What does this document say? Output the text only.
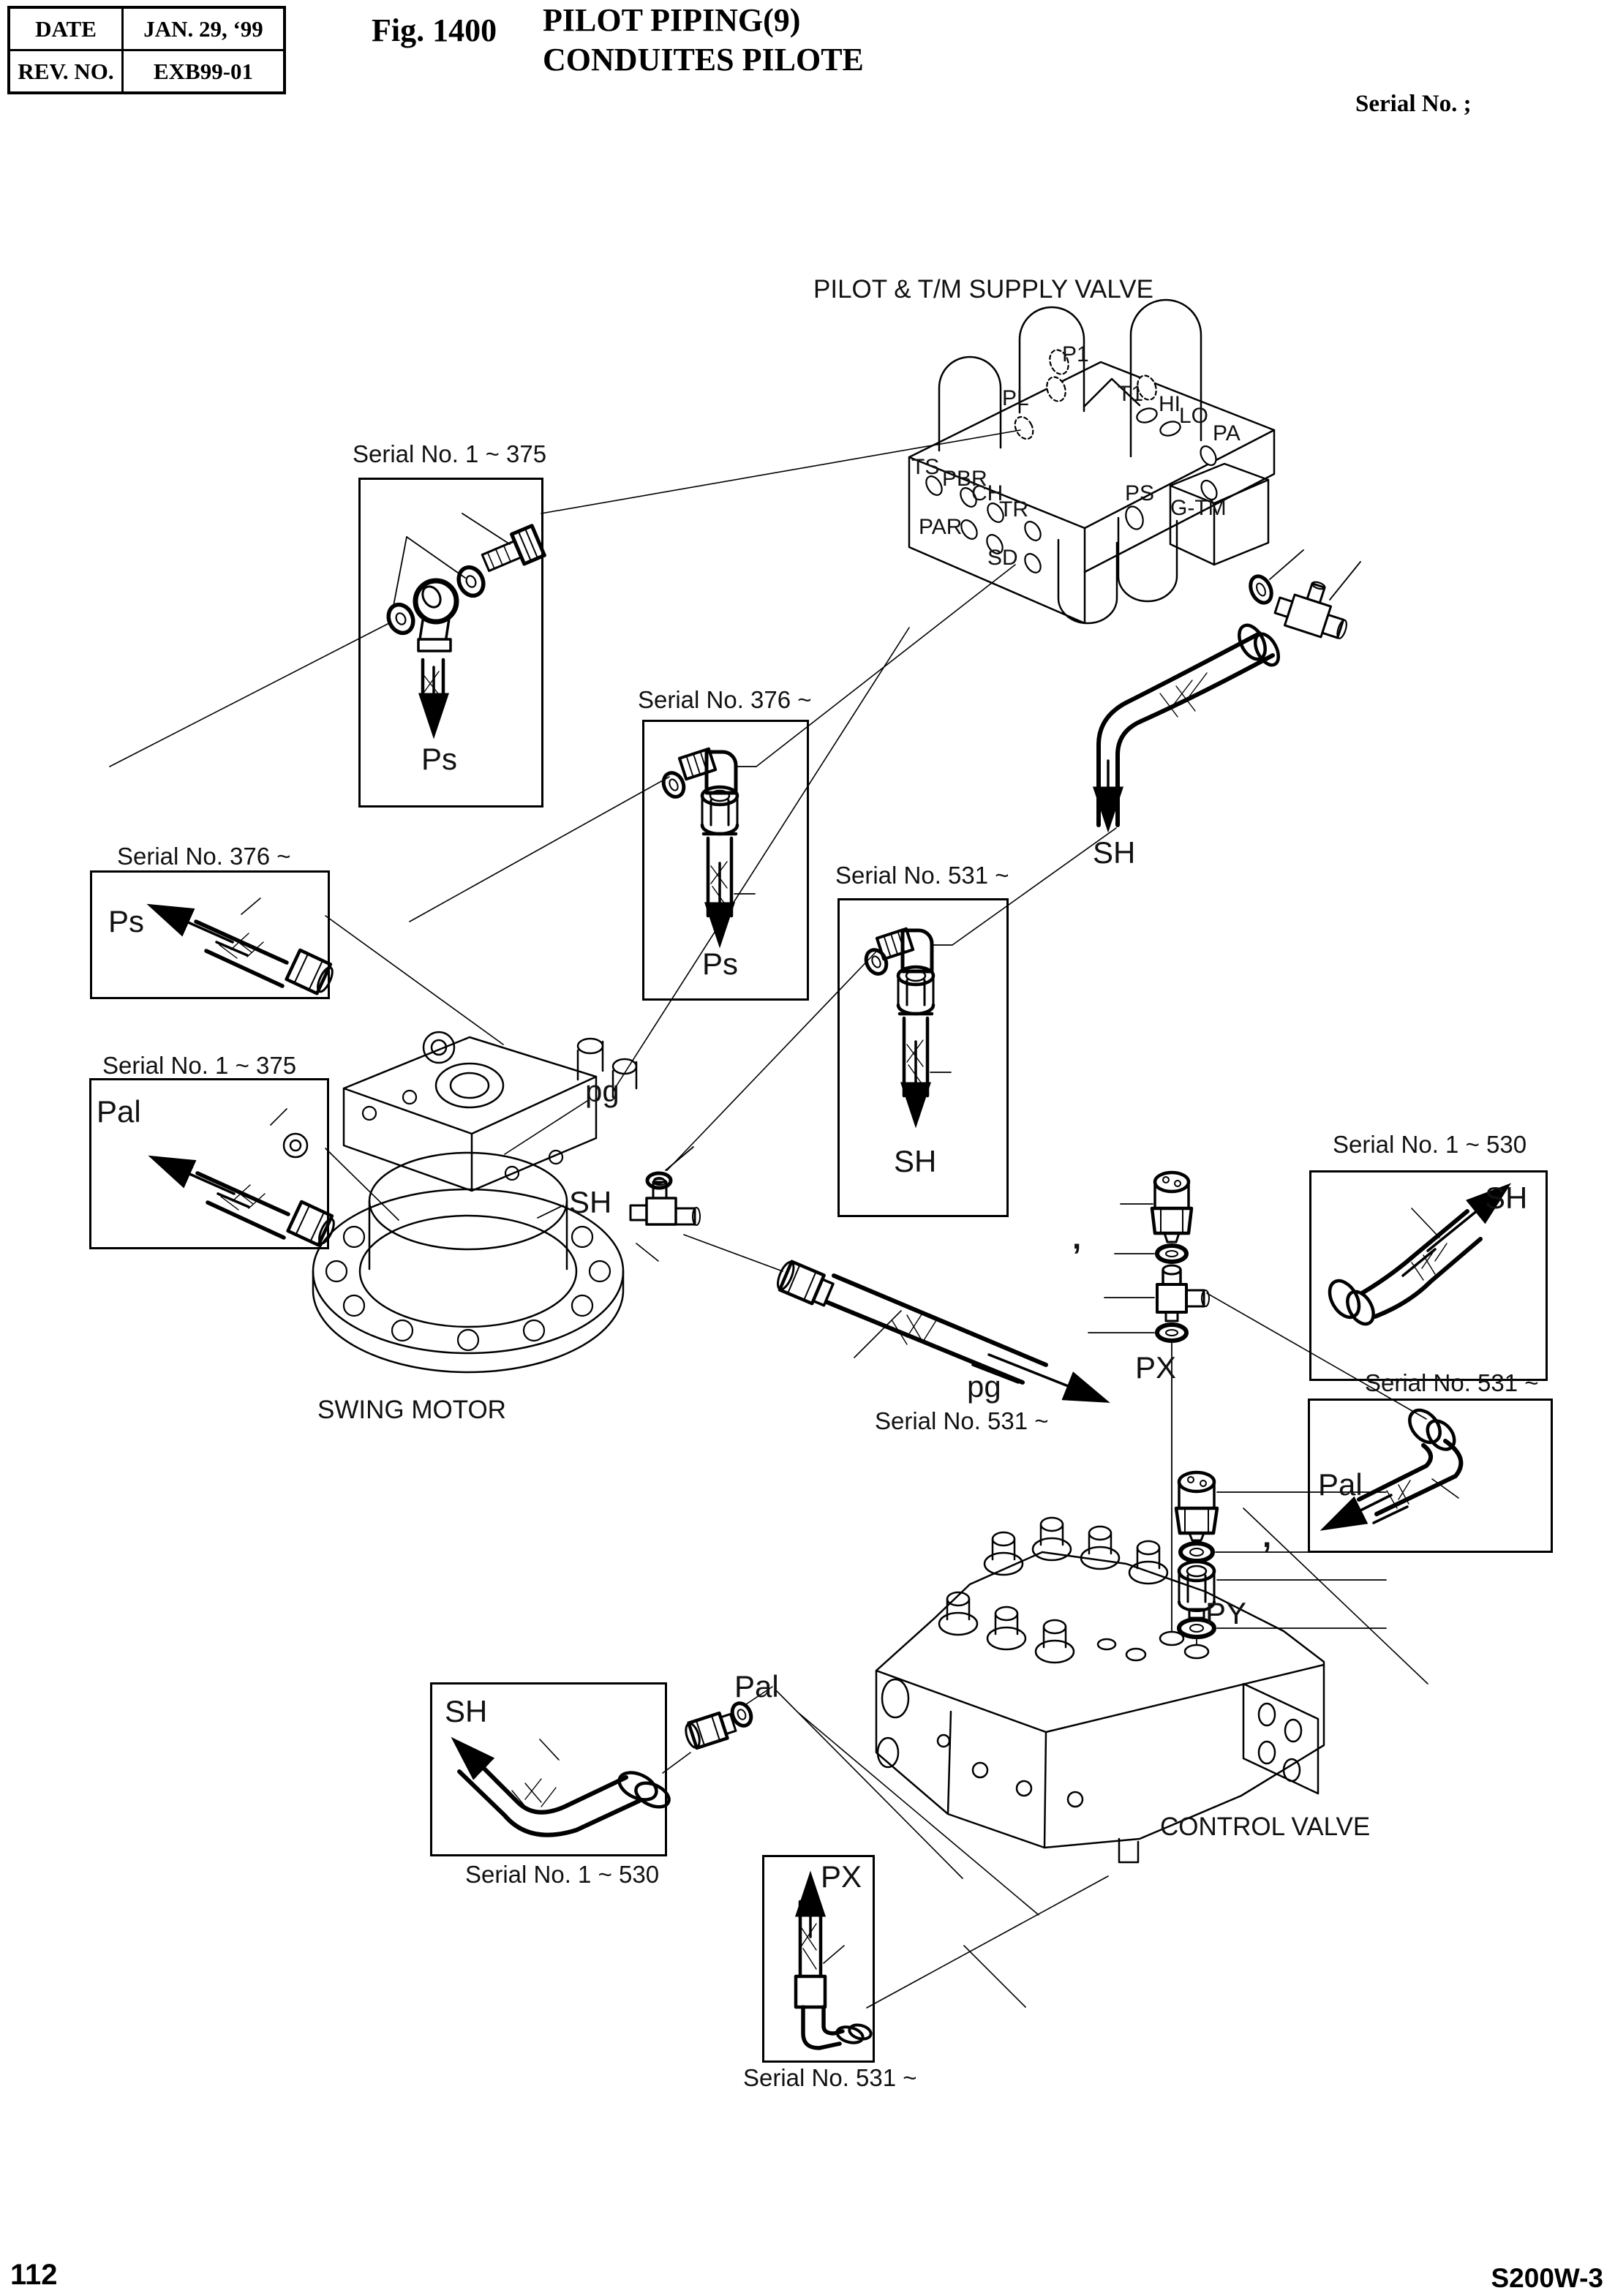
DATE	JAN. 29, ‘99
REV. NO.	EXB99-01
Fig. 1400 PILOT PIPING(9)
CONDUITES PILOTE
Serial No. ;
PILOT & T/M SUPPLY VALVE
SWING MOTOR
CONTROL VALVE
Serial No. 1 ~ 375
Ps
Serial No. 376 ~
Ps
Serial No. 531 ~
SH
Serial No. 376 ~
Ps
Serial No. 1 ~ 375
Pal
Serial No. 1 ~ 530
SH
Serial No. 531 ~
Pal
Serial No. 1 ~ 530
SH
Serial No. 531 ~
PX
Serial No. 531 ~
SH
pg
SH
pg
PX
PY
Pal
,
,
P1
PL	T1 HI
LO
PA
TS PBR
CH
TR
PAR
SD
PS
G-TM
112	S200W-3
